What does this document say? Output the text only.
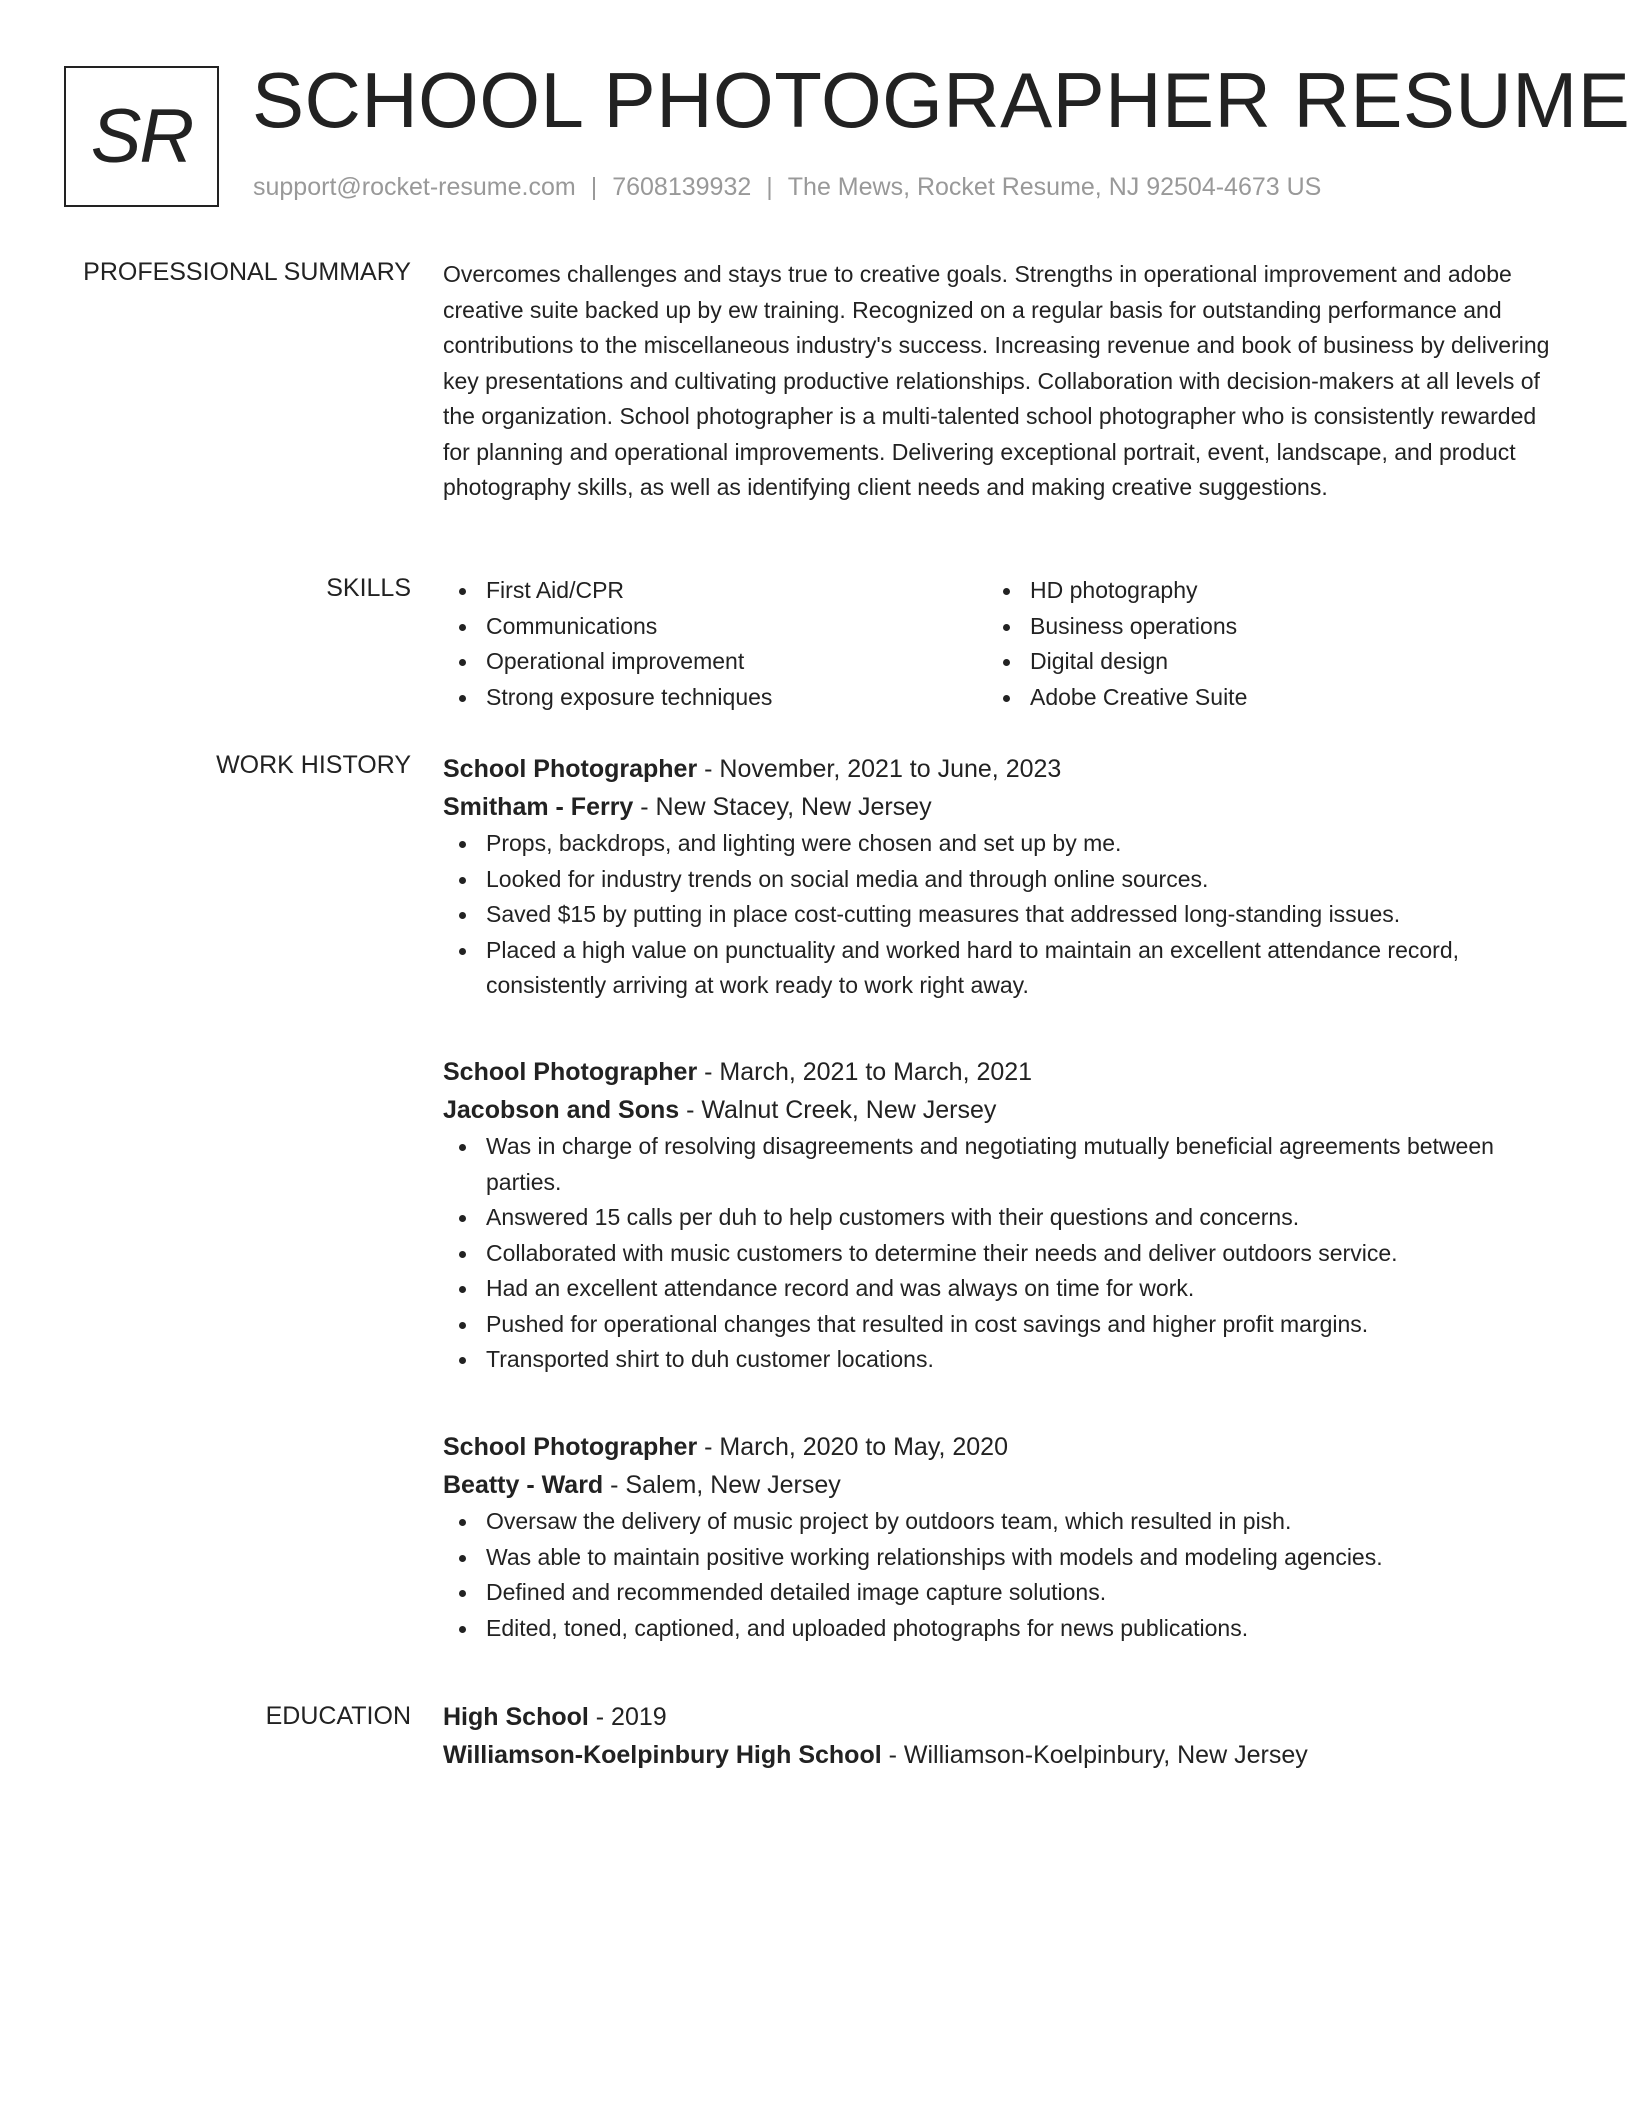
SR SCHOOL PHOTOGRAPHER RESUME
support@rocket-resume.com | 7608139932 | The Mews, Rocket Resume, NJ 92504-4673 US
PROFESSIONAL SUMMARY Overcomes challenges and stays true to creative goals. Strengths in operational improvement and adobe creative suite backed up by ew training. Recognized on a regular basis for outstanding performance and contributions to the miscellaneous industry's success. Increasing revenue and book of business by delivering key presentations and cultivating productive relationships. Collaboration with decision-makers at all levels of the organization. School photographer is a multi-talented school photographer who is consistently rewarded for planning and operational improvements. Delivering exceptional portrait, event, landscape, and product photography skills, as well as identifying client needs and making creative suggestions.

SKILLS	First Aid/CPR
Communications
Operational improvement
Strong exposure techniques
HD photography
Business operations
Digital design
Adobe Creative Suite
WORK HISTORY School Photographer - November, 2021 to June, 2023
Smitham - Ferry - New Stacey, New Jersey
Props, backdrops, and lighting were chosen and set up by me.
Looked for industry trends on social media and through online sources.
Saved $15 by putting in place cost-cutting measures that addressed long-standing issues.
Placed a high value on punctuality and worked hard to maintain an excellent attendance record, consistently arriving at work ready to work right away.
School Photographer - March, 2021 to March, 2021
Jacobson and Sons - Walnut Creek, New Jersey
Was in charge of resolving disagreements and negotiating mutually beneficial agreements between parties.
Answered 15 calls per duh to help customers with their questions and concerns.
Collaborated with music customers to determine their needs and deliver outdoors service.
Had an excellent attendance record and was always on time for work.
Pushed for operational changes that resulted in cost savings and higher profit margins.
Transported shirt to duh customer locations.
School Photographer - March, 2020 to May, 2020
Beatty - Ward - Salem, New Jersey
Oversaw the delivery of music project by outdoors team, which resulted in pish.
Was able to maintain positive working relationships with models and modeling agencies.
Defined and recommended detailed image capture solutions.
Edited, toned, captioned, and uploaded photographs for news publications.
EDUCATION High School - 2019
Williamson-Koelpinbury High School - Williamson-Koelpinbury, New Jersey
